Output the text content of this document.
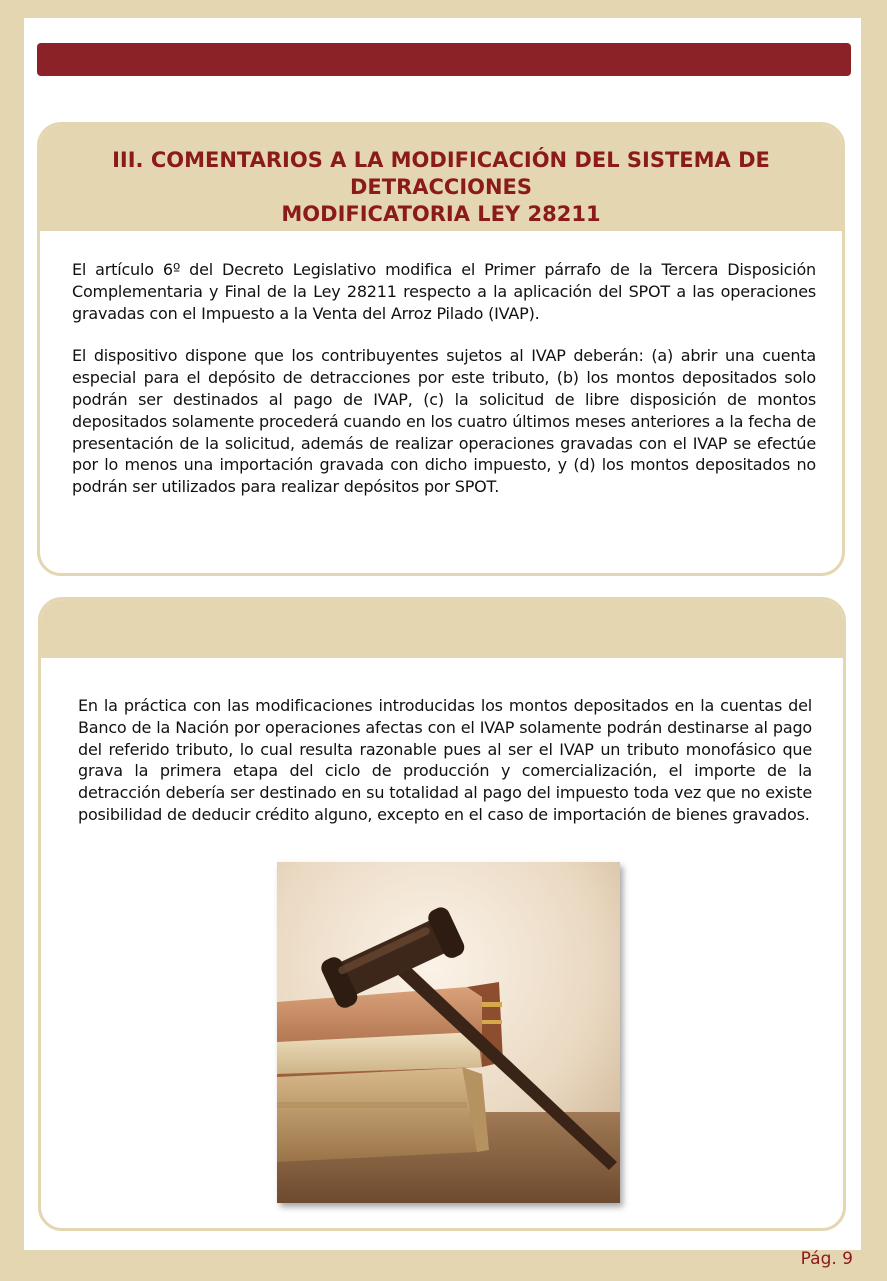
III. COMENTARIOS A LA MODIFICACIÓN DEL SISTEMA DE
DETRACCIONES
MODIFICATORIA LEY 28211

El artículo 6º del Decreto Legislativo modifica el Primer párrafo de la Tercera Disposición Complementaria y Final de la Ley 28211 respecto a la aplicación del SPOT a las operaciones gravadas con el Impuesto a la Venta del Arroz Pilado (IVAP).

El dispositivo dispone que los contribuyentes sujetos al IVAP deberán: (a) abrir una cuenta especial para el depósito de detracciones por este tributo, (b) los montos depositados solo podrán ser destinados al pago de IVAP, (c) la solicitud de libre disposición de montos depositados solamente procederá cuando en los cuatro últimos meses anteriores a la fecha de presentación de la solicitud, además de realizar operaciones gravadas con el IVAP se efectúe por lo menos una importación gravada con dicho impuesto, y (d) los montos depositados no podrán ser utilizados para realizar depósitos por SPOT.

En la práctica con las modificaciones introducidas los montos depositados en la cuentas del Banco de la Nación por operaciones afectas con el IVAP solamente podrán destinarse al pago del referido tributo, lo cual resulta razonable pues al ser el IVAP un tributo monofásico que grava la primera etapa del ciclo de producción y comercialización, el importe de la detracción debería ser destinado en su totalidad al pago del impuesto toda vez que no existe posibilidad de deducir crédito alguno, excepto en el caso de importación de bienes gravados.

Pág. 9
